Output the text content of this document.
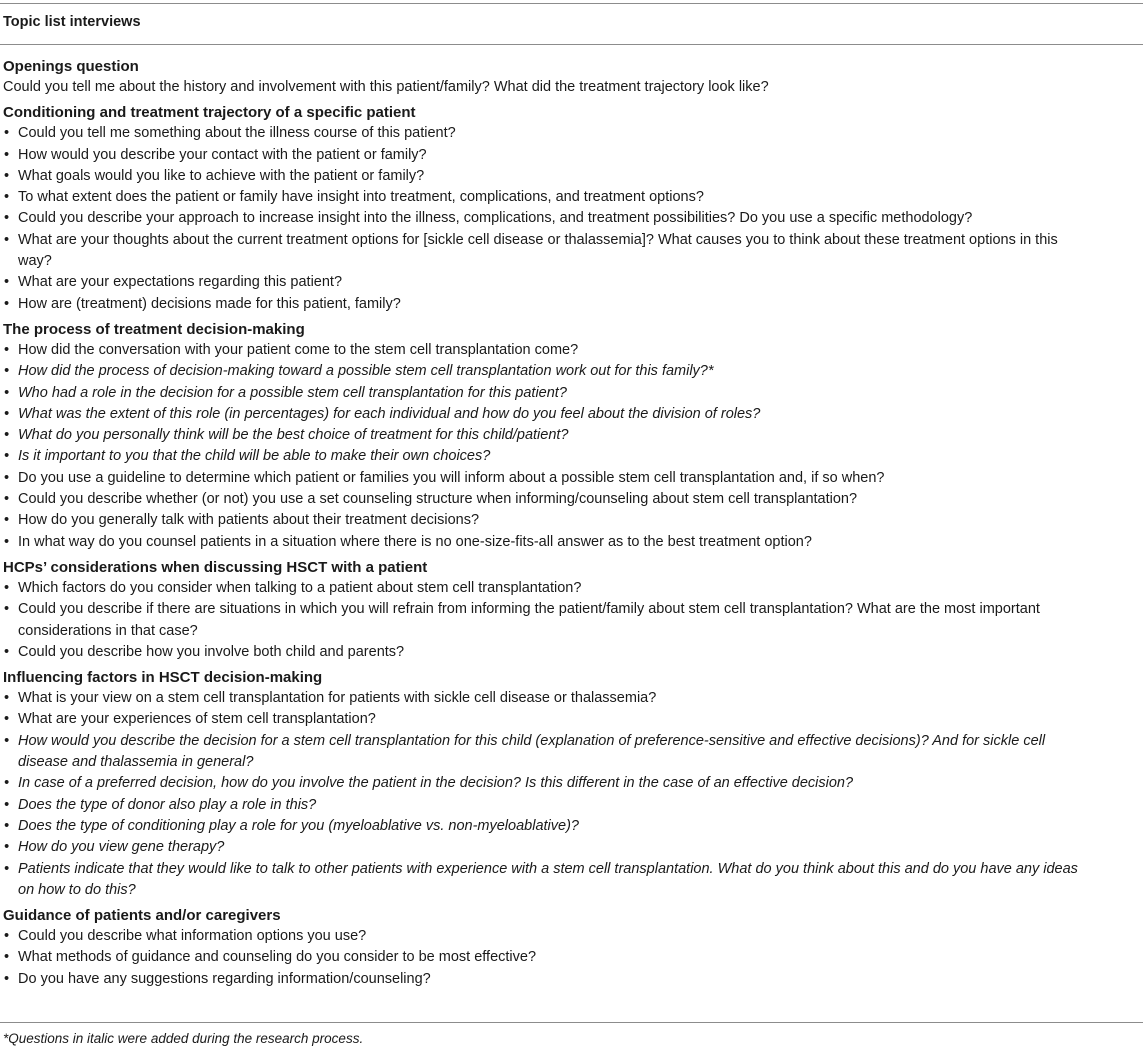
Topic list interviews
Openings question
Could you tell me about the history and involvement with this patient/family? What did the treatment trajectory look like?
Conditioning and treatment trajectory of a specific patient
• Could you tell me something about the illness course of this patient?
• How would you describe your contact with the patient or family?
• What goals would you like to achieve with the patient or family?
• To what extent does the patient or family have insight into treatment, complications, and treatment options?
• Could you describe your approach to increase insight into the illness, complications, and treatment possibilities? Do you use a specific methodology?
• What are your thoughts about the current treatment options for [sickle cell disease or thalassemia]? What causes you to think about these treatment options in this way?
• What are your expectations regarding this patient?
• How are (treatment) decisions made for this patient, family?
The process of treatment decision-making
• How did the conversation with your patient come to the stem cell transplantation come?
• How did the process of decision-making toward a possible stem cell transplantation work out for this family?*
• Who had a role in the decision for a possible stem cell transplantation for this patient?
• What was the extent of this role (in percentages) for each individual and how do you feel about the division of roles?
• What do you personally think will be the best choice of treatment for this child/patient?
• Is it important to you that the child will be able to make their own choices?
• Do you use a guideline to determine which patient or families you will inform about a possible stem cell transplantation and, if so when?
• Could you describe whether (or not) you use a set counseling structure when informing/counseling about stem cell transplantation?
• How do you generally talk with patients about their treatment decisions?
• In what way do you counsel patients in a situation where there is no one-size-fits-all answer as to the best treatment option?
HCPs’ considerations when discussing HSCT with a patient
• Which factors do you consider when talking to a patient about stem cell transplantation?
• Could you describe if there are situations in which you will refrain from informing the patient/family about stem cell transplantation? What are the most important considerations in that case?
• Could you describe how you involve both child and parents?
Influencing factors in HSCT decision-making
• What is your view on a stem cell transplantation for patients with sickle cell disease or thalassemia?
• What are your experiences of stem cell transplantation?
• How would you describe the decision for a stem cell transplantation for this child (explanation of preference-sensitive and effective decisions)? And for sickle cell disease and thalassemia in general?
• In case of a preferred decision, how do you involve the patient in the decision? Is this different in the case of an effective decision?
• Does the type of donor also play a role in this?
• Does the type of conditioning play a role for you (myeloablative vs. non-myeloablative)?
• How do you view gene therapy?
• Patients indicate that they would like to talk to other patients with experience with a stem cell transplantation. What do you think about this and do you have any ideas on how to do this?
Guidance of patients and/or caregivers
• Could you describe what information options you use?
• What methods of guidance and counseling do you consider to be most effective?
• Do you have any suggestions regarding information/counseling?
*Questions in italic were added during the research process.
